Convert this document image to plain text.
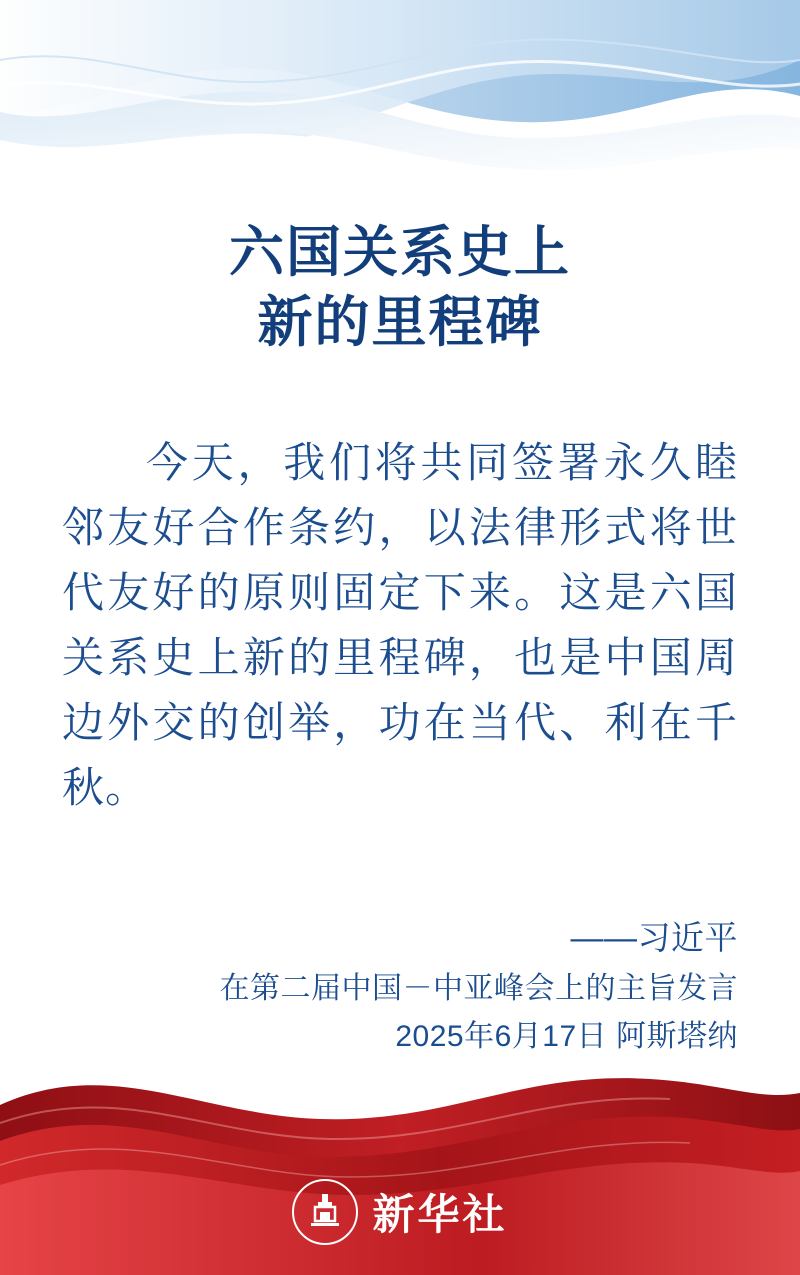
六国关系史上
新的里程碑
今天，我们将共同签署永久睦邻友好合作条约，以法律形式将世代友好的原则固定下来。这是六国关系史上新的里程碑，也是中国周边外交的创举，功在当代、利在千秋。
——习近平
在第二届中国－中亚峰会上的主旨发言
2025年6月17日 阿斯塔纳
新华社
